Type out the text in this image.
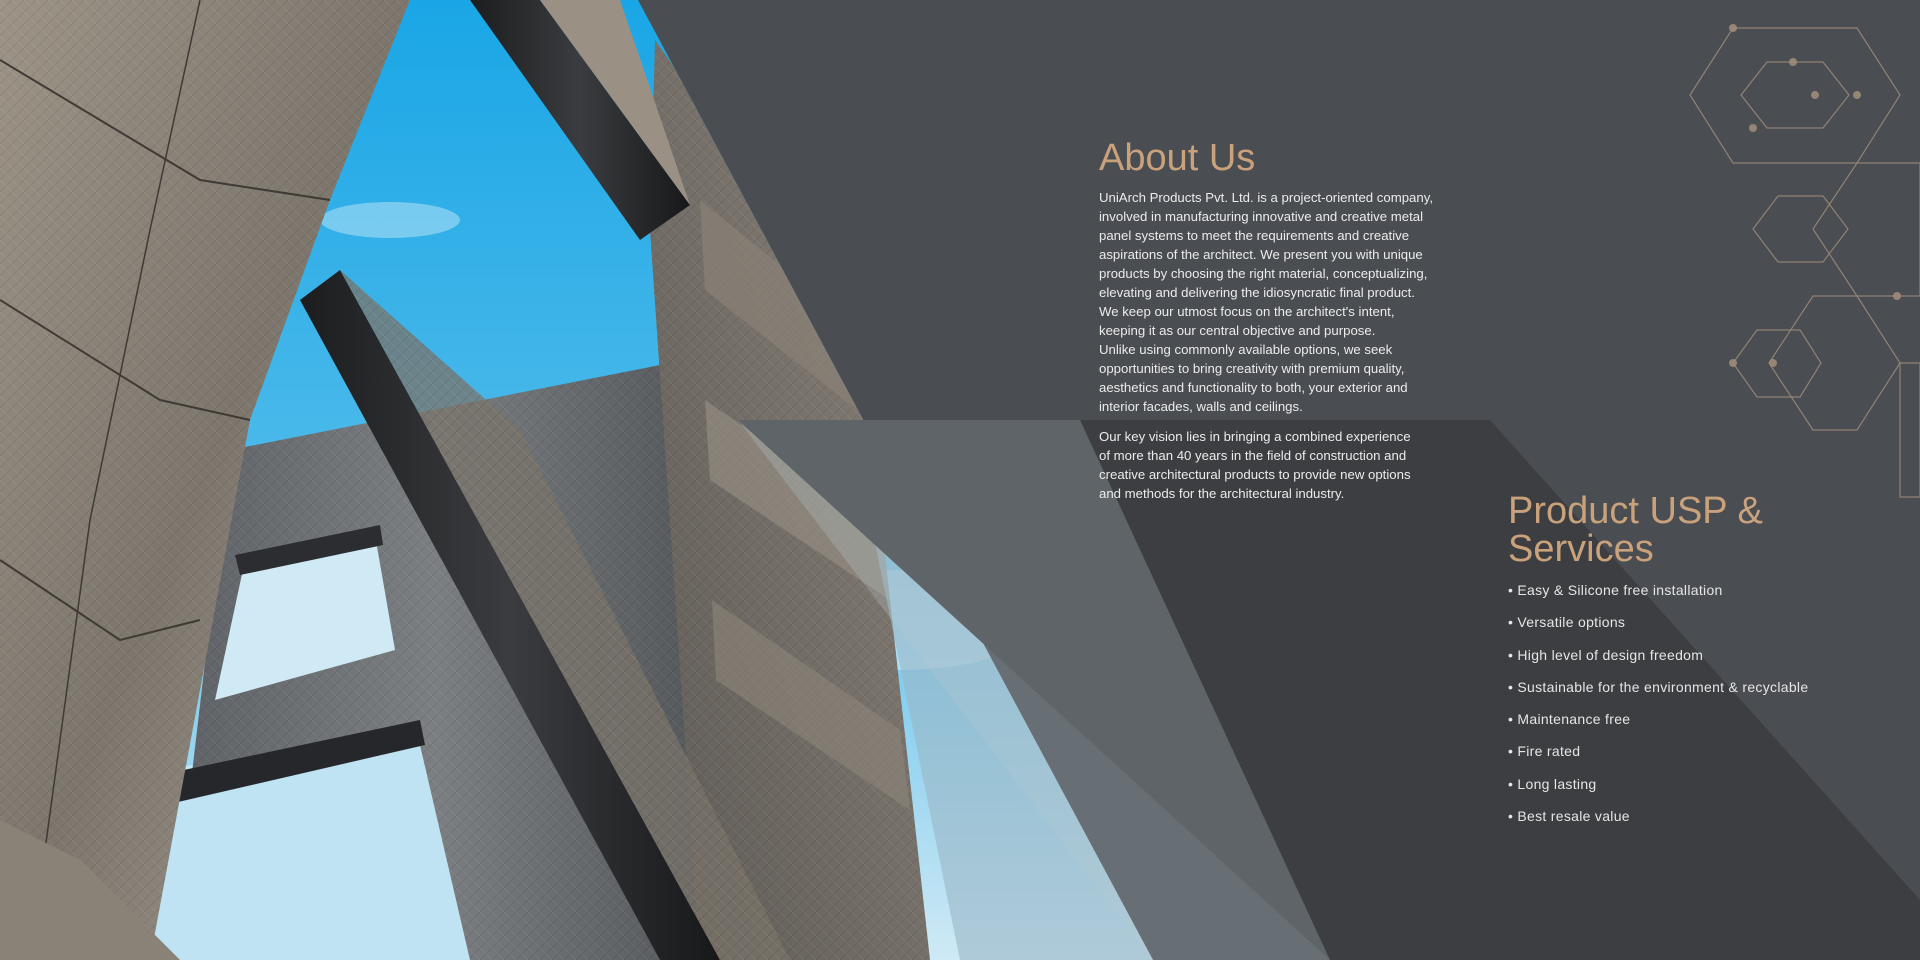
About Us

UniArch Products Pvt. Ltd. is a project-oriented company,
involved in manufacturing innovative and creative metal
panel systems to meet the requirements and creative
aspirations of the architect. We present you with unique
products by choosing the right material, conceptualizing,
elevating and delivering the idiosyncratic final product.
We keep our utmost focus on the architect's intent,
keeping it as our central objective and purpose.
Unlike using commonly available options, we seek
opportunities to bring creativity with premium quality,
aesthetics and functionality to both, your exterior and
interior facades, walls and ceilings.

Our key vision lies in bringing a combined experience
of more than 40 years in the field of construction and
creative architectural products to provide new options
and methods for the architectural industry.	Product USP & Services
• Easy & Silicone free installation
• Versatile options
• High level of design freedom
• Sustainable for the environment & recyclable
• Maintenance free
• Fire rated
• Long lasting
• Best resale value
